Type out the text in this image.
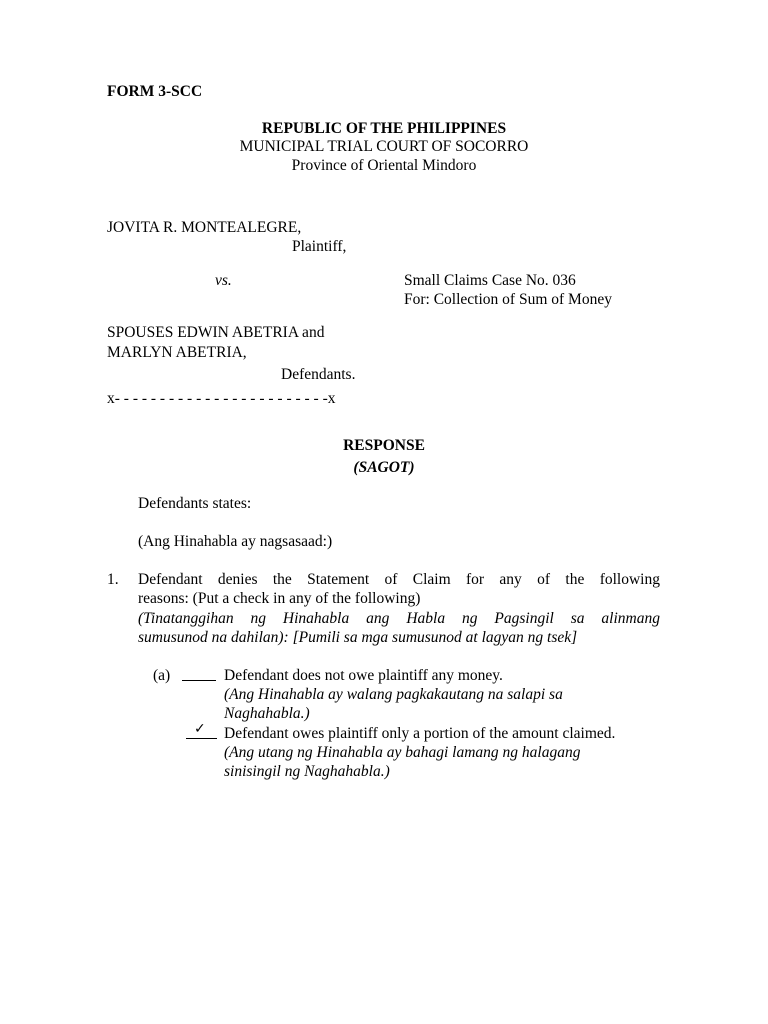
FORM 3-SCC
REPUBLIC OF THE PHILIPPINES
MUNICIPAL TRIAL COURT OF SOCORRO
Province of Oriental Mindoro
JOVITA R. MONTEALEGRE,
Plaintiff,
vs.	Small Claims Case No. 036
For: Collection of Sum of Money
SPOUSES EDWIN ABETRIA and
MARLYN ABETRIA,
Defendants.
x- - - - - - - - - - - - - - - - - - - - - - - -x
RESPONSE
(SAGOT)
Defendants states:
(Ang Hinahabla ay nagsasaad:)
1. Defendant denies the Statement of Claim for any of the following
reasons: (Put a check in any of the following)
(Tinatanggihan ng Hinahabla ang Habla ng Pagsingil sa alinmang
sumusunod na dahilan): [Pumili sa mga sumusunod at lagyan ng tsek]
(a)	Defendant does not owe plaintiff any money.
(Ang Hinahabla ay walang pagkakautang na salapi sa
Naghahabla.)
✓ Defendant owes plaintiff only a portion of the amount claimed.
(Ang utang ng Hinahabla ay bahagi lamang ng halagang
sinisingil ng Naghahabla.)
